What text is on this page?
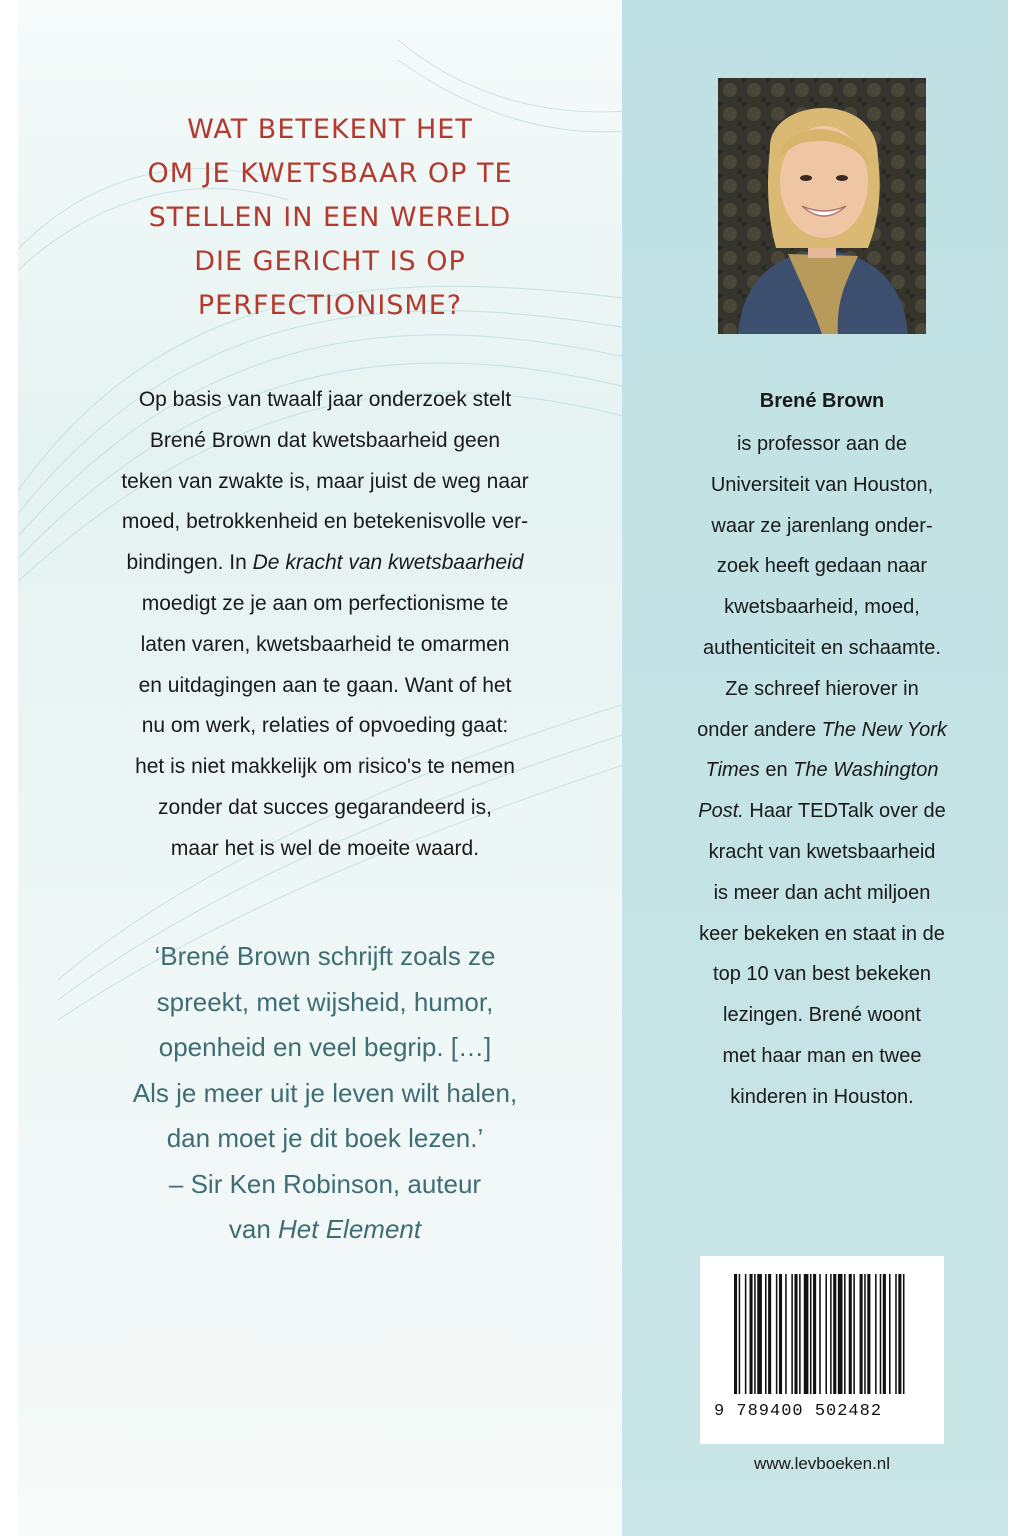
WAT BETEKENT HET
OM JE KWETSBAAR OP TE
STELLEN IN EEN WERELD
DIE GERICHT IS OP
PERFECTIONISME?
Op basis van twaalf jaar onderzoek stelt
Brené Brown dat kwetsbaarheid geen
teken van zwakte is, maar juist de weg naar
moed, betrokkenheid en betekenisvolle ver-
bindingen. In De kracht van kwetsbaarheid
moedigt ze je aan om perfectionisme te
laten varen, kwetsbaarheid te omarmen
en uitdagingen aan te gaan. Want of het
nu om werk, relaties of opvoeding gaat:
het is niet makkelijk om risico's te nemen
zonder dat succes gegarandeerd is,
maar het is wel de moeite waard.
‘Brené Brown schrijft zoals ze
spreekt, met wijsheid, humor,
openheid en veel begrip. […]
Als je meer uit je leven wilt halen,
dan moet je dit boek lezen.’
– Sir Ken Robinson, auteur
van Het Element
Brené Brown
is professor aan de
Universiteit van Houston,
waar ze jarenlang onder-
zoek heeft gedaan naar
kwetsbaarheid, moed,
authenticiteit en schaamte.
Ze schreef hierover in
onder andere The New York
Times en The Washington
Post. Haar TEDTalk over de
kracht van kwetsbaarheid
is meer dan acht miljoen
keer bekeken en staat in de
top 10 van best bekeken
lezingen. Brené woont
met haar man en twee
kinderen in Houston.
9 789400 502482
www.levboeken.nl
